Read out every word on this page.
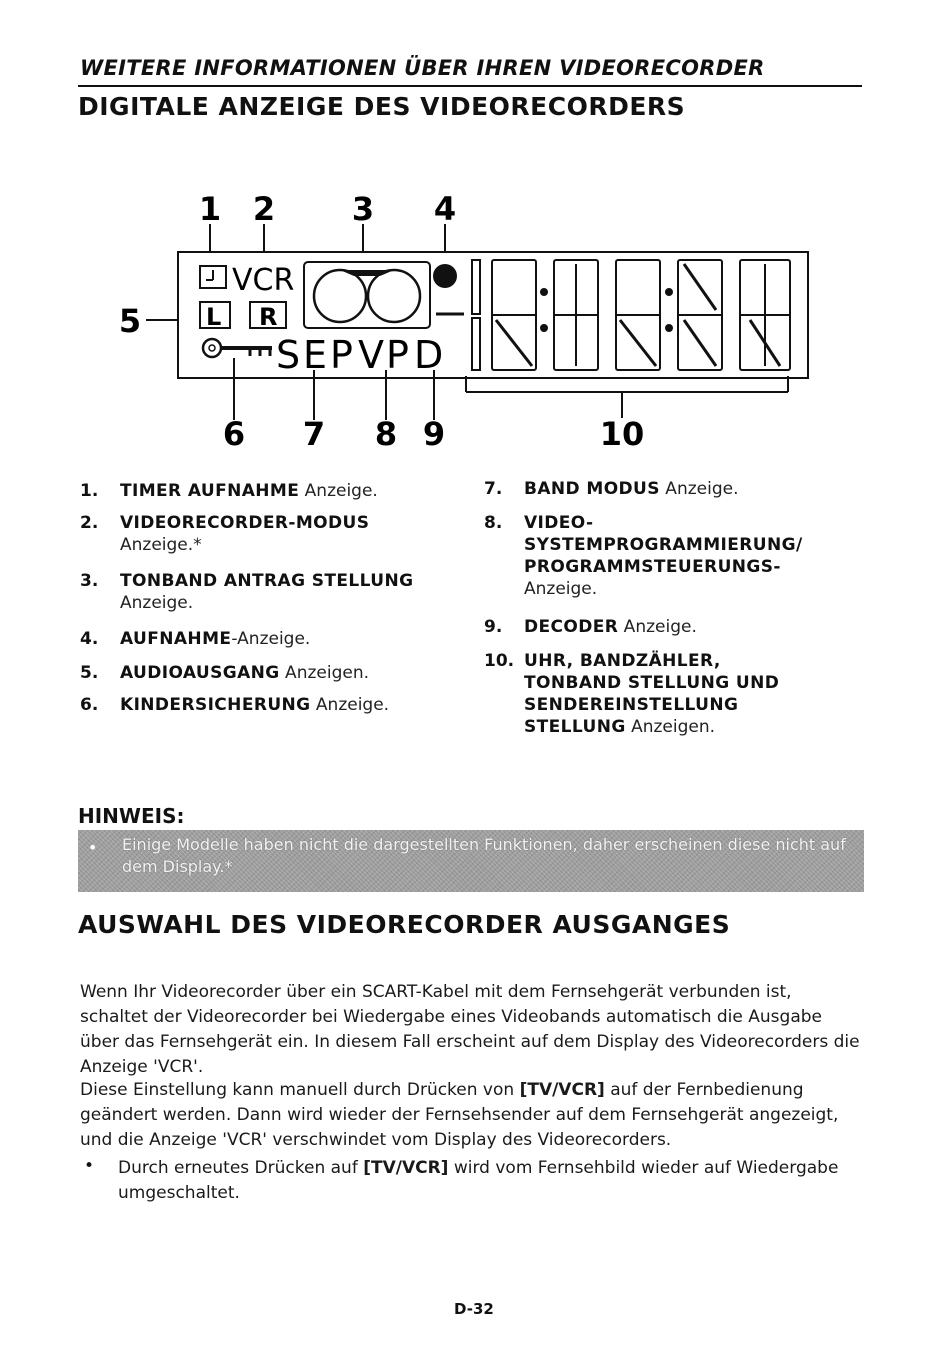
WEITERE INFORMATIONEN ÜBER IHREN VIDEORECORDER
DIGITALE ANZEIGE DES VIDEORECORDERS
1 2 3 4
5
VCR
L R
S E P V P D
6 7 8 9	10
1. TIMER AUFNAHME Anzeige.
2. VIDEORECORDER-MODUS
Anzeige.*
3. TONBAND ANTRAG STELLUNG
Anzeige.
4. AUFNAHME-Anzeige.
5. AUDIOAUSGANG Anzeigen.
6. KINDERSICHERUNG Anzeige.
7. BAND MODUS Anzeige.
8. VIDEO-
SYSTEMPROGRAMMIERUNG/
PROGRAMMSTEUERUNGS-
Anzeige.
9. DECODER Anzeige.
10. UHR, BANDZÄHLER,
TONBAND STELLUNG UND
SENDEREINSTELLUNG
STELLUNG Anzeigen.
HINWEIS:
• Einige Modelle haben nicht die dargestellten Funktionen, daher erscheinen diese nicht auf dem Display.*
AUSWAHL DES VIDEORECORDER AUSGANGES
Wenn Ihr Videorecorder über ein SCART-Kabel mit dem Fernsehgerät verbunden ist, schaltet der Videorecorder bei Wiedergabe eines Videobands automatisch die Ausgabe über das Fernsehgerät ein. In diesem Fall erscheint auf dem Display des Videorecorders die Anzeige 'VCR'.
Diese Einstellung kann manuell durch Drücken von [TV/VCR] auf der Fernbedienung geändert werden. Dann wird wieder der Fernsehsender auf dem Fernsehgerät angezeigt, und die Anzeige 'VCR' verschwindet vom Display des Videorecorders.
• Durch erneutes Drücken auf [TV/VCR] wird vom Fernsehbild wieder auf Wiedergabe umgeschaltet.
D-32
